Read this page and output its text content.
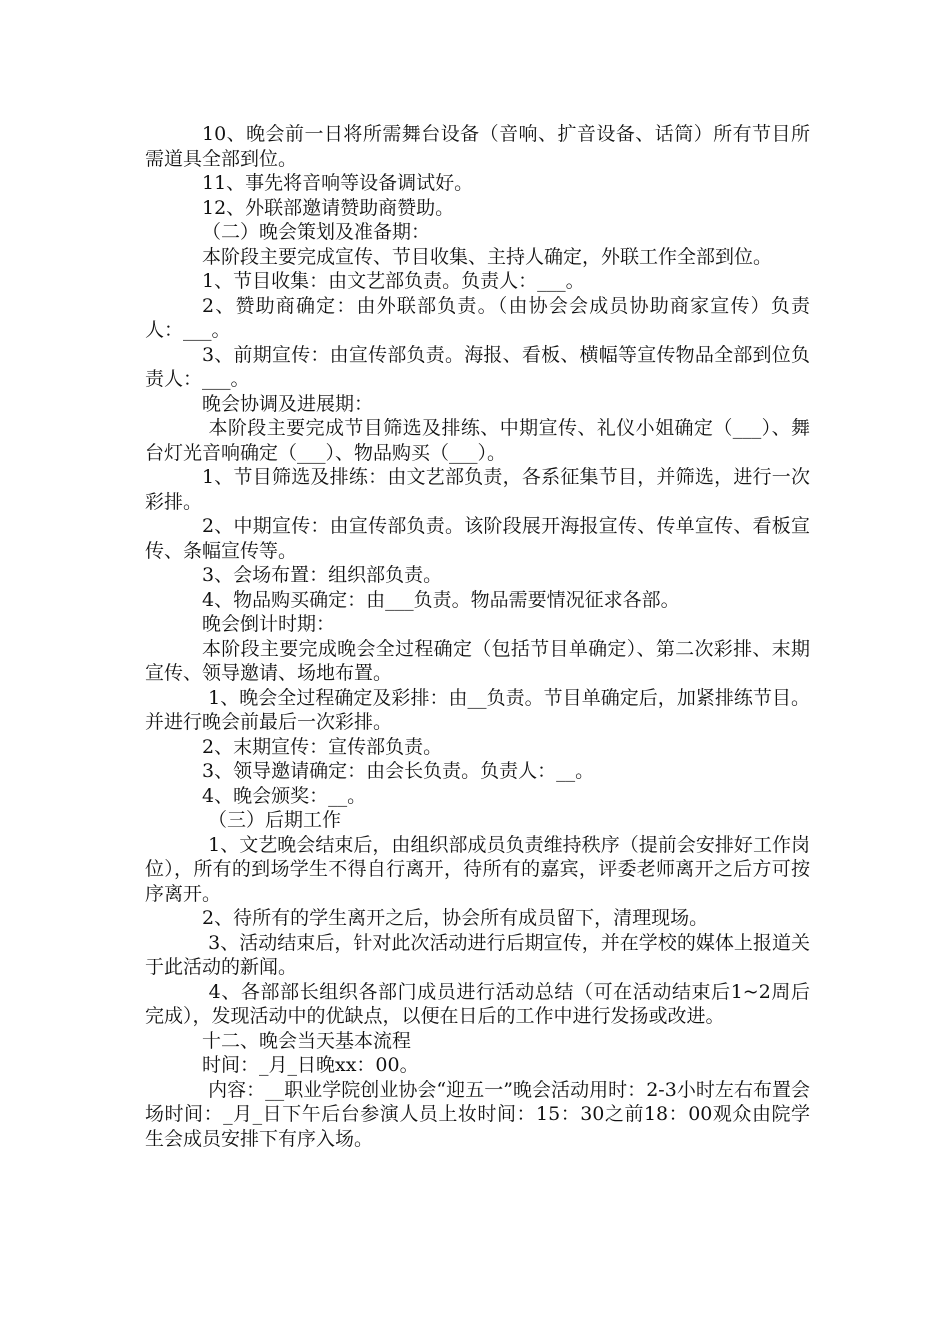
10、晚会前一日将所需舞台设备（音响、扩音设备、话筒）所有节目所需道具全部到位。

11、事先将音响等设备调试好。

12、外联部邀请赞助商赞助。

（二）晚会策划及准备期：

本阶段主要完成宣传、节目收集、主持人确定，外联工作全部到位。

1、节目收集：由文艺部负责。负责人：___。

2、赞助商确定：由外联部负责。（由协会会成员协助商家宣传）负责人：___。

3、前期宣传：由宣传部负责。海报、看板、横幅等宣传物品全部到位负责人：___。

晚会协调及进展期：

本阶段主要完成节目筛选及排练、中期宣传、礼仪小姐确定（___）、舞台灯光音响确定（___）、物品购买（___）。

1、节目筛选及排练：由文艺部负责，各系征集节目，并筛选，进行一次彩排。

2、中期宣传：由宣传部负责。该阶段展开海报宣传、传单宣传、看板宣传、条幅宣传等。

3、会场布置：组织部负责。

4、物品购买确定：由___负责。物品需要情况征求各部。

晚会倒计时期：

本阶段主要完成晚会全过程确定（包括节目单确定）、第二次彩排、末期宣传、领导邀请、场地布置。

1、晚会全过程确定及彩排：由__负责。节目单确定后，加紧排练节目。并进行晚会前最后一次彩排。

2、末期宣传：宣传部负责。

3、领导邀请确定：由会长负责。负责人：__。

4、晚会颁奖：__。

（三）后期工作

1、文艺晚会结束后，由组织部成员负责维持秩序（提前会安排好工作岗位），所有的到场学生不得自行离开，待所有的嘉宾，评委老师离开之后方可按序离开。

2、待所有的学生离开之后，协会所有成员留下，清理现场。

3、活动结束后，针对此次活动进行后期宣传，并在学校的媒体上报道关于此活动的新闻。

4、各部部长组织各部门成员进行活动总结（可在活动结束后1~2周后完成），发现活动中的优缺点，以便在日后的工作中进行发扬或改进。

十二、晚会当天基本流程

时间：_月_日晚xx：00。

内容：__职业学院创业协会“迎五一”晚会活动用时：2-3小时左右布置会场时间：_月_日下午后台参演人员上妆时间：15：30之前18：00观众由院学生会成员安排下有序入场。
